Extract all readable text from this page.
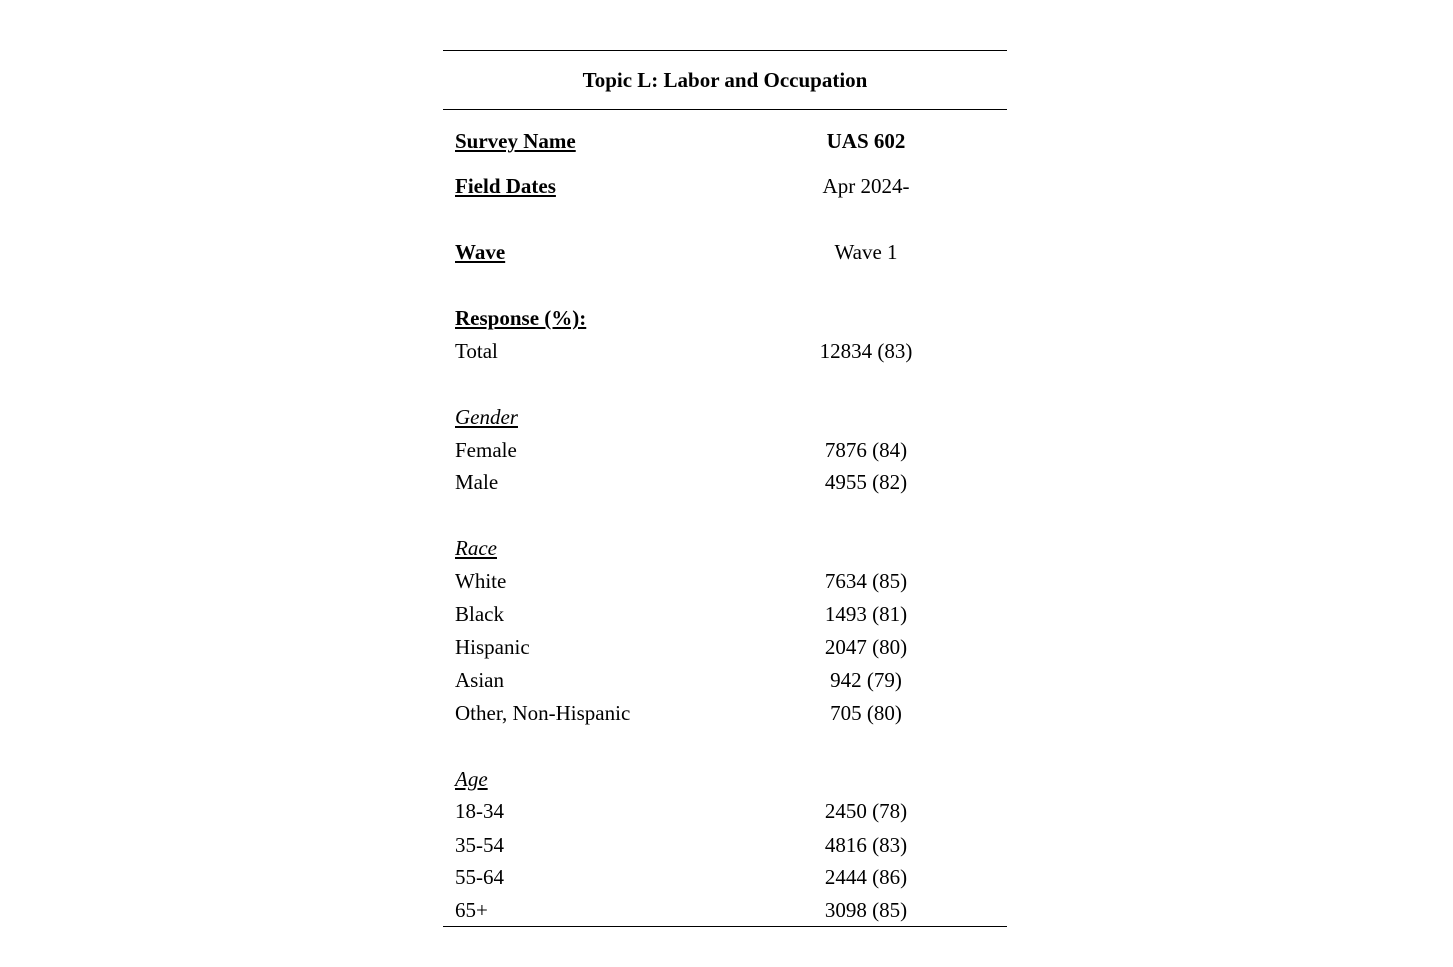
Topic L: Labor and Occupation
Survey Name	UAS 602
Field Dates	Apr 2024-
Wave	Wave 1
Response (%):
Total	12834 (83)
Gender
Female	7876 (84)
Male	4955 (82)
Race
White	7634 (85)
Black	1493 (81)
Hispanic	2047 (80)
Asian	942 (79)
Other, Non-Hispanic	705 (80)
Age
18-34	2450 (78)
35-54	4816 (83)
55-64	2444 (86)
65+	3098 (85)
